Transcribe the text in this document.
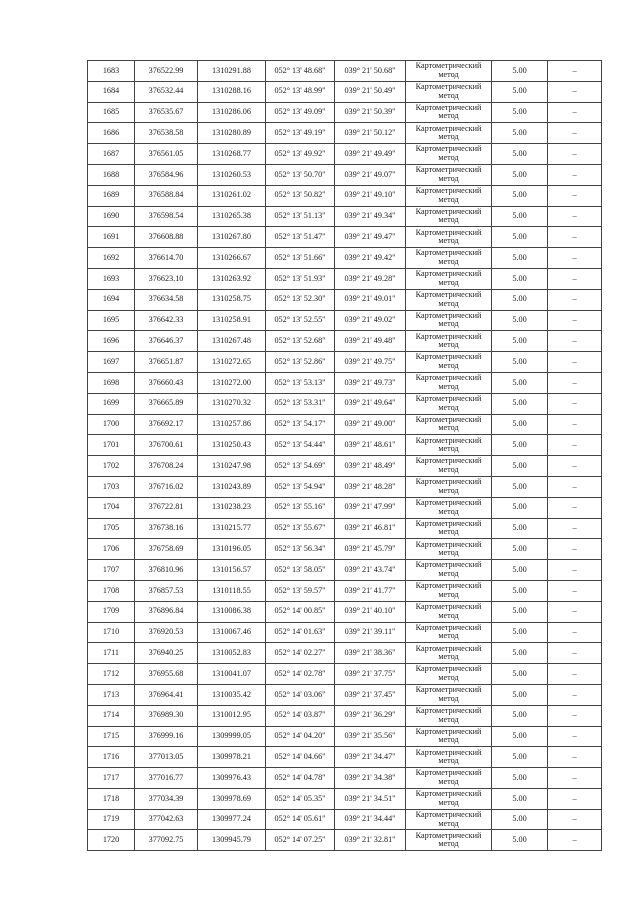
1683	376522.99	1310291.88	052° 13' 48.68"	039° 21' 50.68"	Картометрический метод	5.00	–
1684	376532.44	1310288.16	052° 13' 48.99"	039° 21' 50.49"	Картометрический метод	5.00	–
1685	376535.67	1310286.06	052° 13' 49.09"	039° 21' 50.39"	Картометрический метод	5.00	–
1686	376538.58	1310280.89	052° 13' 49.19"	039° 21' 50.12"	Картометрический метод	5.00	–
1687	376561.05	1310268.77	052° 13' 49.92"	039° 21' 49.49"	Картометрический метод	5.00	–
1688	376584.96	1310260.53	052° 13' 50.70"	039° 21' 49.07"	Картометрический метод	5.00	–
1689	376588.84	1310261.02	052° 13' 50.82"	039° 21' 49.10"	Картометрический метод	5.00	–
1690	376598.54	1310265.38	052° 13' 51.13"	039° 21' 49.34"	Картометрический метод	5.00	–
1691	376608.88	1310267.80	052° 13' 51.47"	039° 21' 49.47"	Картометрический метод	5.00	–
1692	376614.70	1310266.67	052° 13' 51.66"	039° 21' 49.42"	Картометрический метод	5.00	–
1693	376623.10	1310263.92	052° 13' 51.93"	039° 21' 49.28"	Картометрический метод	5.00	–
1694	376634.58	1310258.75	052° 13' 52.30"	039° 21' 49.01"	Картометрический метод	5.00	–
1695	376642.33	1310258.91	052° 13' 52.55"	039° 21' 49.02"	Картометрический метод	5.00	–
1696	376646.37	1310267.48	052° 13' 52.68"	039° 21' 49.48"	Картометрический метод	5.00	–
1697	376651.87	1310272.65	052° 13' 52.86"	039° 21' 49.75"	Картометрический метод	5.00	–
1698	376660.43	1310272.00	052° 13' 53.13"	039° 21' 49.73"	Картометрический метод	5.00	–
1699	376665.89	1310270.32	052° 13' 53.31"	039° 21' 49.64"	Картометрический метод	5.00	–
1700	376692.17	1310257.86	052° 13' 54.17"	039° 21' 49.00"	Картометрический метод	5.00	–
1701	376700.61	1310250.43	052° 13' 54.44"	039° 21' 48.61"	Картометрический метод	5.00	–
1702	376708.24	1310247.98	052° 13' 54.69"	039° 21' 48.49"	Картометрический метод	5.00	–
1703	376716.02	1310243.89	052° 13' 54.94"	039° 21' 48.28"	Картометрический метод	5.00	–
1704	376722.81	1310238.23	052° 13' 55.16"	039° 21' 47.99"	Картометрический метод	5.00	–
1705	376738.16	1310215.77	052° 13' 55.67"	039° 21' 46.81"	Картометрический метод	5.00	–
1706	376758.69	1310196.05	052° 13' 56.34"	039° 21' 45.79"	Картометрический метод	5.00	–
1707	376810.96	1310156.57	052° 13' 58.05"	039° 21' 43.74"	Картометрический метод	5.00	–
1708	376857.53	1310118.55	052° 13' 59.57"	039° 21' 41.77"	Картометрический метод	5.00	–
1709	376896.84	1310086.38	052° 14' 00.85"	039° 21' 40.10"	Картометрический метод	5.00	–
1710	376920.53	1310067.46	052° 14' 01.63"	039° 21' 39.11"	Картометрический метод	5.00	–
1711	376940.25	1310052.83	052° 14' 02.27"	039° 21' 38.36"	Картометрический метод	5.00	–
1712	376955.68	1310041.07	052° 14' 02.78"	039° 21' 37.75"	Картометрический метод	5.00	–
1713	376964.41	1310035.42	052° 14' 03.06"	039° 21' 37.45"	Картометрический метод	5.00	–
1714	376989.30	1310012.95	052° 14' 03.87"	039° 21' 36.29"	Картометрический метод	5.00	–
1715	376999.16	1309999.05	052° 14' 04.20"	039° 21' 35.56"	Картометрический метод	5.00	–
1716	377013.05	1309978.21	052° 14' 04.66"	039° 21' 34.47"	Картометрический метод	5.00	–
1717	377016.77	1309976.43	052° 14' 04.78"	039° 21' 34.38"	Картометрический метод	5.00	–
1718	377034.39	1309978.69	052° 14' 05.35"	039° 21' 34.51"	Картометрический метод	5.00	–
1719	377042.63	1309977.24	052° 14' 05.61"	039° 21' 34.44"	Картометрический метод	5.00	–
1720	377092.75	1309945.79	052° 14' 07.25"	039° 21' 32.81"	Картометрический метод	5.00	–
